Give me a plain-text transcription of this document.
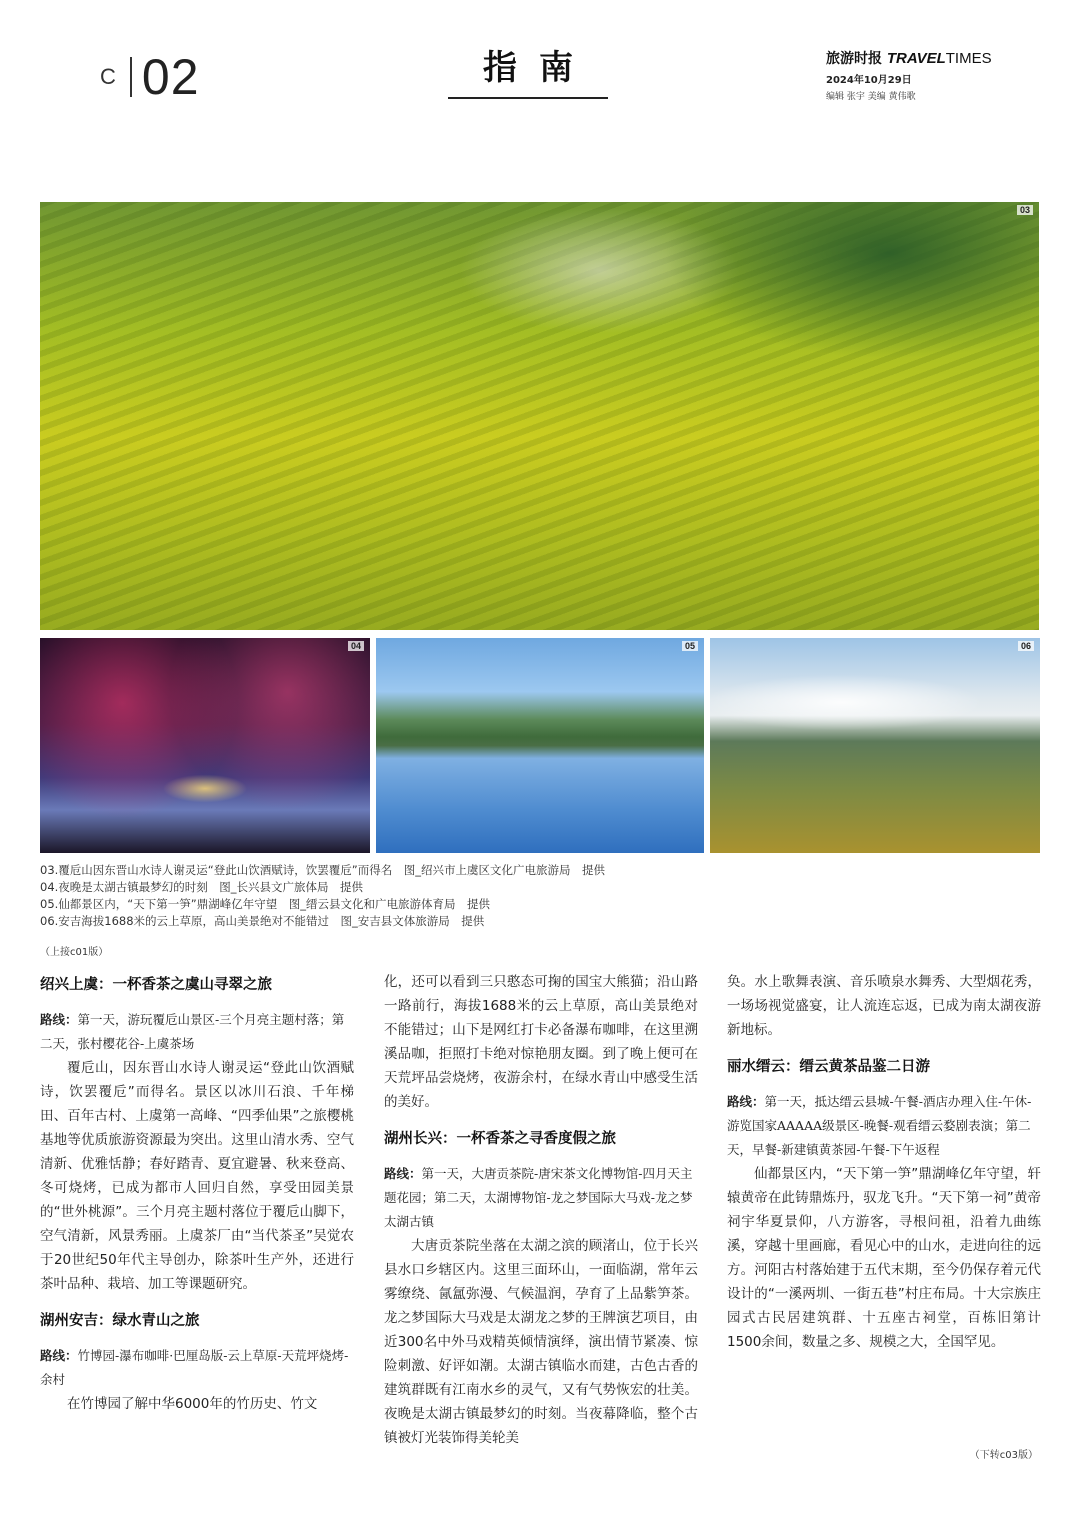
C 02	指南	旅游时报 TRAVELTIMES
2024年10月29日
编辑 张宇 美编 黄伟歌
03
04	05	06
03.覆卮山因东晋山水诗人谢灵运“登此山饮酒赋诗，饮罢覆卮”而得名　图_绍兴市上虞区文化广电旅游局　提供
04.夜晚是太湖古镇最梦幻的时刻　图_长兴县文广旅体局　提供
05.仙都景区内，“天下第一笋”鼎湖峰亿年守望　图_缙云县文化和广电旅游体育局　提供
06.安吉海拔1688米的云上草原，高山美景绝对不能错过　图_安吉县文体旅游局　提供
（上接c01版）
绍兴上虞：一杯香茶之虞山寻翠之旅
路线：第一天，游玩覆卮山景区-三个月亮主题村落；第二天，张村樱花谷-上虞茶场

覆卮山，因东晋山水诗人谢灵运“登此山饮酒赋诗，饮罢覆卮”而得名。景区以冰川石浪、千年梯田、百年古村、上虞第一高峰、“四季仙果”之旅樱桃基地等优质旅游资源最为突出。这里山清水秀、空气清新、优雅恬静；春好踏青、夏宜避暑、秋来登高、冬可烧烤，已成为都市人回归自然，享受田园美景的“世外桃源”。三个月亮主题村落位于覆卮山脚下，空气清新，风景秀丽。上虞茶厂由“当代茶圣”吴觉农于20世纪50年代主导创办，除茶叶生产外，还进行茶叶品种、栽培、加工等课题研究。

湖州安吉：绿水青山之旅
路线：竹博园-瀑布咖啡·巴厘岛版-云上草原-天荒坪烧烤-余村

在竹博园了解中华6000年的竹历史、竹文

化，还可以看到三只憨态可掬的国宝大熊猫；沿山路一路前行，海拔1688米的云上草原，高山美景绝对不能错过；山下是网红打卡必备瀑布咖啡，在这里溯溪品咖，拒照打卡绝对惊艳朋友圈。到了晚上便可在天荒坪品尝烧烤，夜游余村，在绿水青山中感受生活的美好。

湖州长兴：一杯香茶之寻香度假之旅
路线：第一天，大唐贡茶院-唐宋茶文化博物馆-四月天主题花园；第二天，太湖博物馆-龙之梦国际大马戏-龙之梦太湖古镇

大唐贡茶院坐落在太湖之滨的顾渚山，位于长兴县水口乡辖区内。这里三面环山，一面临湖，常年云雾缭绕、氤氲弥漫、气候温润，孕育了上品紫笋茶。龙之梦国际大马戏是太湖龙之梦的王牌演艺项目，由近300名中外马戏精英倾情演绎，演出情节紧凑、惊险刺激、好评如潮。太湖古镇临水而建，古色古香的建筑群既有江南水乡的灵气，又有气势恢宏的壮美。夜晚是太湖古镇最梦幻的时刻。当夜幕降临，整个古镇被灯光装饰得美轮美

奂。水上歌舞表演、音乐喷泉水舞秀、大型烟花秀，一场场视觉盛宴，让人流连忘返，已成为南太湖夜游新地标。

丽水缙云：缙云黄茶品鉴二日游
路线：第一天，抵达缙云县城-午餐-酒店办理入住-午休-游览国家AAAAA级景区-晚餐-观看缙云婺剧表演；第二天，早餐-新建镇黄茶园-午餐-下午返程

仙都景区内，“天下第一笋”鼎湖峰亿年守望，轩辕黄帝在此铸鼎炼丹，驭龙飞升。“天下第一祠”黄帝祠宇华夏景仰，八方游客，寻根问祖，沿着九曲练溪，穿越十里画廊，看见心中的山水，走进向往的远方。河阳古村落始建于五代末期，至今仍保存着元代设计的“一溪两圳、一街五巷”村庄布局。十大宗族庄园式古民居建筑群、十五座古祠堂，百栋旧第计1500余间，数量之多、规模之大，全国罕见。

（下转c03版）
